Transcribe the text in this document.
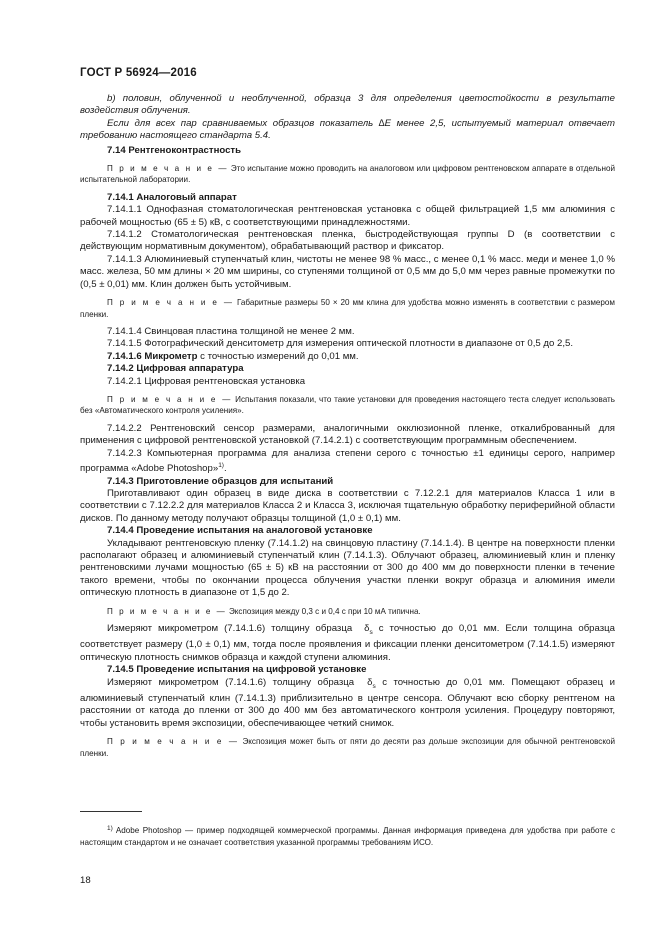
ГОСТ Р 56924—2016

b) половин, облученной и необлученной, образца 3 для определения цветостойкости в результате воздействия облучения.

Если для всех пар сравниваемых образцов показатель ∆E менее 2,5, испытуемый материал отвечает требованию настоящего стандарта 5.4.

7.14 Рентгеноконтрастность

П р и м е ч а н и е — Это испытание можно проводить на аналоговом или цифровом рентгеновском аппарате в отдельной испытательной лаборатории.

7.14.1 Аналоговый аппарат

7.14.1.1 Однофазная стоматологическая рентгеновская установка с общей фильтрацией 1,5 мм алюминия с рабочей мощностью (65 ± 5) кВ, с соответствующими принадлежностями.

7.14.1.2 Стоматологическая рентгеновская пленка, быстродействующая группы D (в соответствии с действующим нормативным документом), обрабатывающий раствор и фиксатор.

7.14.1.3 Алюминиевый ступенчатый клин, чистоты не менее 98 % масс., с менее 0,1 % масс. меди и менее 1,0 % масс. железа, 50 мм длины × 20 мм ширины, со ступенями толщиной от 0,5 мм до 5,0 мм через равные промежутки по (0,5 ± 0,01) мм. Клин должен быть устойчивым.

П р и м е ч а н и е — Габаритные размеры 50 × 20 мм клина для удобства можно изменять в соответствии с размером пленки.

7.14.1.4 Свинцовая пластина толщиной не менее 2 мм.

7.14.1.5 Фотографический денситометр для измерения оптической плотности в диапазоне от 0,5 до 2,5.

7.14.1.6 Микрометр с точностью измерений до 0,01 мм.

7.14.2 Цифровая аппаратура

7.14.2.1 Цифровая рентгеновская установка

П р и м е ч а н и е — Испытания показали, что такие установки для проведения настоящего теста следует использовать без «Автоматического контроля усиления».

7.14.2.2 Рентгеновский сенсор размерами, аналогичными окклюзионной пленке, откалиброванный для применения с цифровой рентгеновской установкой (7.14.2.1) с соответствующим программным обеспечением.

7.14.2.3 Компьютерная программа для анализа степени серого с точностью ±1 единицы серого, например программа «Adobe Photoshop»$^{1)}$.

7.14.3 Приготовление образцов для испытаний

Приготавливают один образец в виде диска в соответствии с 7.12.2.1 для материалов Класса 1 или в соответствии с 7.12.2.2 для материалов Класса 2 и Класса 3, исключая тщательную обработку периферийной области дисков. По данному методу получают образцы толщиной (1,0 ± 0,1) мм.

7.14.4 Проведение испытания на аналоговой установке

Укладывают рентгеновскую пленку (7.14.1.2) на свинцовую пластину (7.14.1.4). В центре на поверхности пленки располагают образец и алюминиевый ступенчатый клин (7.14.1.3). Облучают образец, алюминиевый клин и пленку рентгеновскими лучами мощностью (65 ± 5) кВ на расстоянии от 300 до 400 мм до поверхности пленки в течение такого времени, чтобы по окончании процесса облучения участки пленки вокруг образца и алюминия имели оптическую плотность в диапазоне от 1,5 до 2.

П р и м е ч а н и е — Экспозиция между 0,3 с и 0,4 с при 10 мА типична.

Измеряют микрометром (7.14.1.6) толщину образца $\delta_s$ с точностью до 0,01 мм. Если толщина образца соответствует размеру (1,0 ± 0,1) мм, тогда после проявления и фиксации пленки денситометром (7.14.1.5) измеряют оптическую плотность снимков образца и каждой ступени алюминия.

7.14.5 Проведение испытания на цифровой установке

Измеряют микрометром (7.14.1.6) толщину образца $\delta_s$ с точностью до 0,01 мм. Помещают образец и алюминиевый ступенчатый клин (7.14.1.3) приблизительно в центре сенсора. Облучают всю сборку рентгеном на расстоянии от катода до пленки от 300 до 400 мм без автоматического контроля усиления. Процедуру повторяют, чтобы установить время экспозиции, обеспечивающее четкий снимок.

П р и м е ч а н и е — Экспозиция может быть от пяти до десяти раз дольше экспозиции для обычной рентгеновской пленки.

$^{1)}$ Adobe Photoshop — пример подходящей коммерческой программы. Данная информация приведена для удобства при работе с настоящим стандартом и не означает соответствия указанной программы требованиям ИСО.

18
